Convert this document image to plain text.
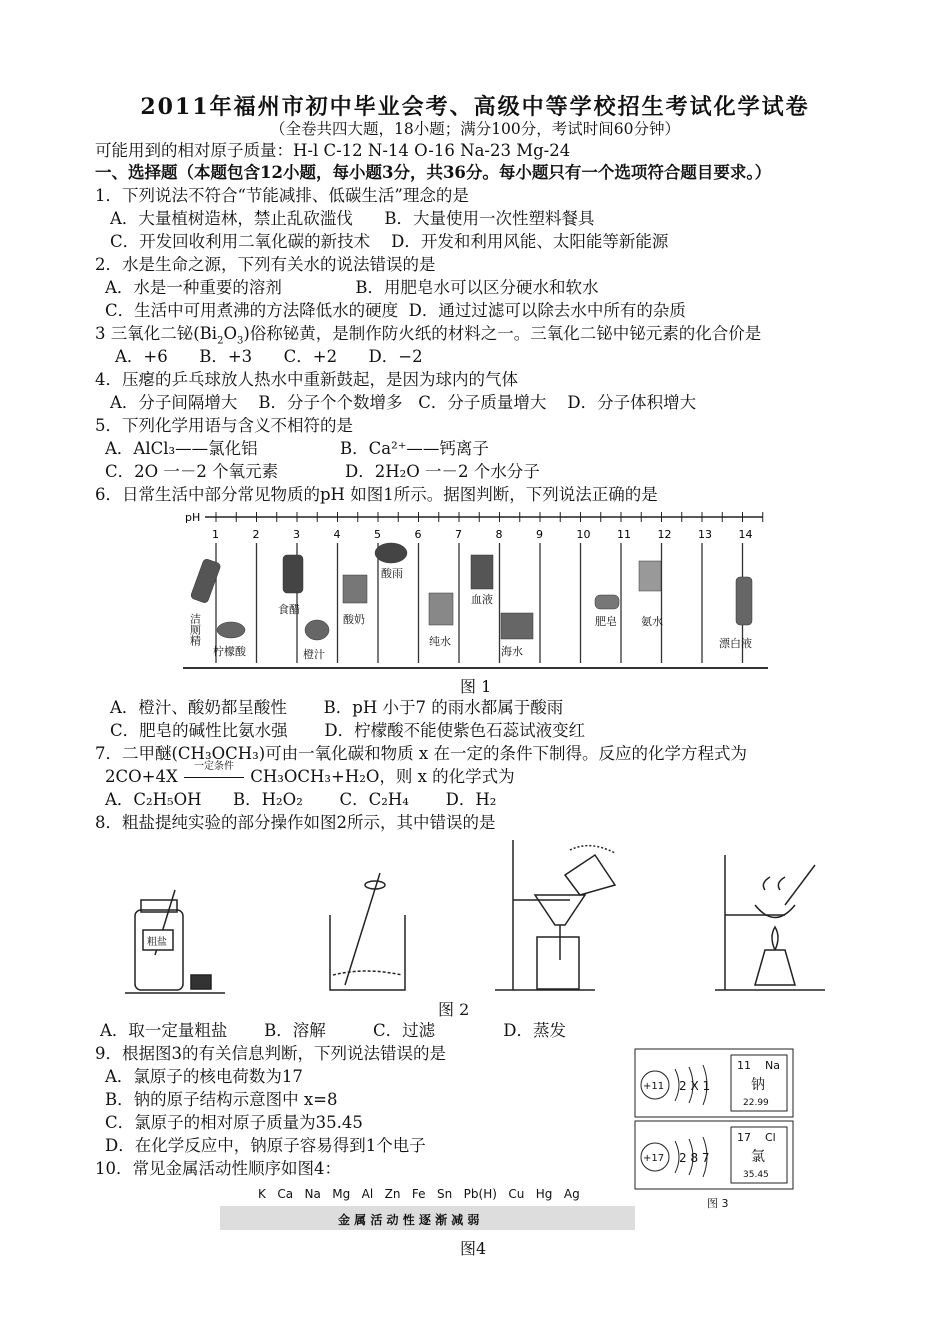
2011年福州市初中毕业会考、高级中等学校招生考试化学试卷
（全卷共四大题，18小题；满分100分，考试时间60分钟）
可能用到的相对原子质量：H-l C-12 N-14 O-16 Na-23 Mg-24
一、选择题（本题包含12小题，每小题3分，共36分。每小题只有一个选项符合题目要求。）
1．下列说法不符合“节能减排、低碳生活”理念的是
A．大量植树造林，禁止乱砍滥伐      B．大量使用一次性塑料餐具
C．开发回收利用二氧化碳的新技术    D．开发和利用风能、太阳能等新能源
2．水是生命之源，下列有关水的说法错误的是
A．水是一种重要的溶剂              B．用肥皂水可以区分硬水和软水
C．生活中可用煮沸的方法降低水的硬度  D．通过过滤可以除去水中所有的杂质
3 三氧化二铋$(Bi_2O_3)$俗称铋黄，是制作防火纸的材料之一。三氧化二铋中铋元素的化合价是
A．+6      B．+3      C．+2      D．−2
4．压瘪的乒乓球放人热水中重新鼓起，是因为球内的气体
A．分子间隔增大    B．分子个个数增多   C．分子质量增大    D．分子体积增大
5．下列化学用语与含义不相符的是
A．AlCl₃——氯化铝	B．Ca²⁺——钙离子
C．2O 一－2 个氧元素	D．2H₂O 一－2 个水分子
6．日常生活中部分常见物质的pH 如图1所示。据图判断，下列说法正确的是
pH
1	2	3	4	5	6	7	8	9	10 11 12 13 14
洁厕精
柠檬酸
食醋
橙汁
酸奶
酸雨
纯水
血液
海水
肥皂 氨水
漂白液
图 1
A．橙汁、酸奶都呈酸性       B．pH 小于7 的雨水都属于酸雨
C．肥皂的碱性比氨水强       D．柠檬酸不能使紫色石蕊试液变红
7．二甲醚(CH₃OCH₃)可由一氧化碳和物质 x 在一定的条件下制得。反应的化学方程式为
2CO+4X
一定条件
CH₃OCH₃+H₂O，则 x 的化学式为
A．C₂H₅OH      B．H₂O₂       C．C₂H₄       D．H₂
8．粗盐提纯实验的部分操作如图2所示，其中错误的是
粗盐
图 2
A．取一定量粗盐       B．溶解         C．过滤             D．蒸发
9．根据图3的有关信息判断，下列说法错误的是
A．氯原子的核电荷数为17
B．钠的原子结构示意图中 x=8
C．氯原子的相对原子质量为35.45
D．在化学反应中，钠原子容易得到1个电子
+11 2 X 1
11 Na
钠
22.99
+17 2 8 7
17 Cl
氯
35.45
图 3
10．常见金属活动性顺序如图4：
K   Ca   Na   Mg   Al   Zn   Fe   Sn   Pb(H)   Cu   Hg   Ag
金 属 活 动 性 逐 渐 减 弱
图4
